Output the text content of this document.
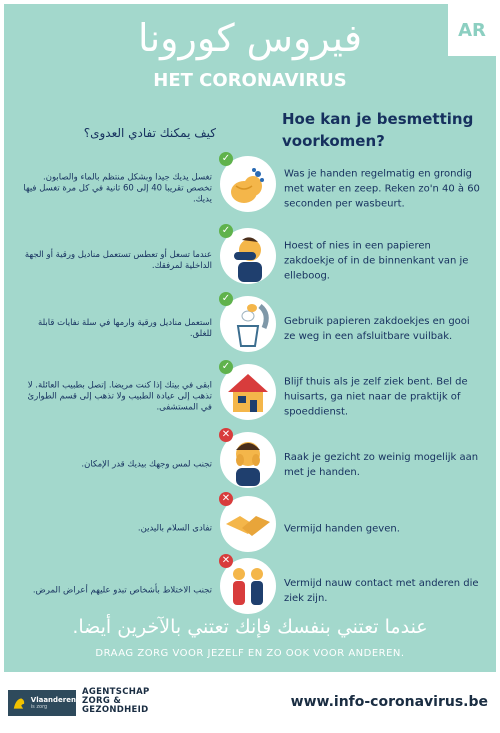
AR
فيروس كورونا
HET CORONAVIRUS
كيف يمكنك تفادي العدوى؟
Hoe kan je besmetting voorkomen?
تغسل يديك جيدا وبشكل منتظم بالماء والصابون. تخصص تقريبا 40 إلى 60 ثانية في كل مرة تغسل فيها يديك.
✓
Was je handen regelmatig en grondig met water en zeep. Reken zo'n 40 à 60 seconden per wasbeurt.
عندما تسعل أو تعطس تستعمل مناديل ورقية أو الجهة الداخلية لمرفقك.
✓
Hoest of nies in een papieren zakdoekje of in de binnenkant van je elleboog.
استعمل مناديل ورقية وارمها في سلة نفايات قابلة للغلق.
✓
Gebruik papieren zakdoekjes en gooi ze weg in een afsluitbare vuilbak.
ابقى في بيتك إذا كنت مريضا. إتصل بطبيب العائلة. لا تذهب إلى عيادة الطبيب ولا تذهب إلى قسم الطوارئ في المستشفى.
✓
Blijf thuis als je zelf ziek bent. Bel de huisarts, ga niet naar de praktijk of spoeddienst.
تجنب لمس وجهك بيديك قدر الإمكان.
✕
Raak je gezicht zo weinig mogelijk aan met je handen.
تفادى السلام باليدين.
✕
Vermijd handen geven.
تجنب الاختلاط بأشخاص تبدو عليهم أعراض المرض.
✕
Vermijd nauw contact met anderen die ziek zijn.
عندما تعتني بنفسك فإنك تعتني بالآخرين أيضا.
DRAAG ZORG VOOR JEZELF EN ZO OOK VOOR ANDEREN.
Vlaanderen
is zorg
AGENTSCHAP
ZORG &
GEZONDHEID	www.info-coronavirus.be
